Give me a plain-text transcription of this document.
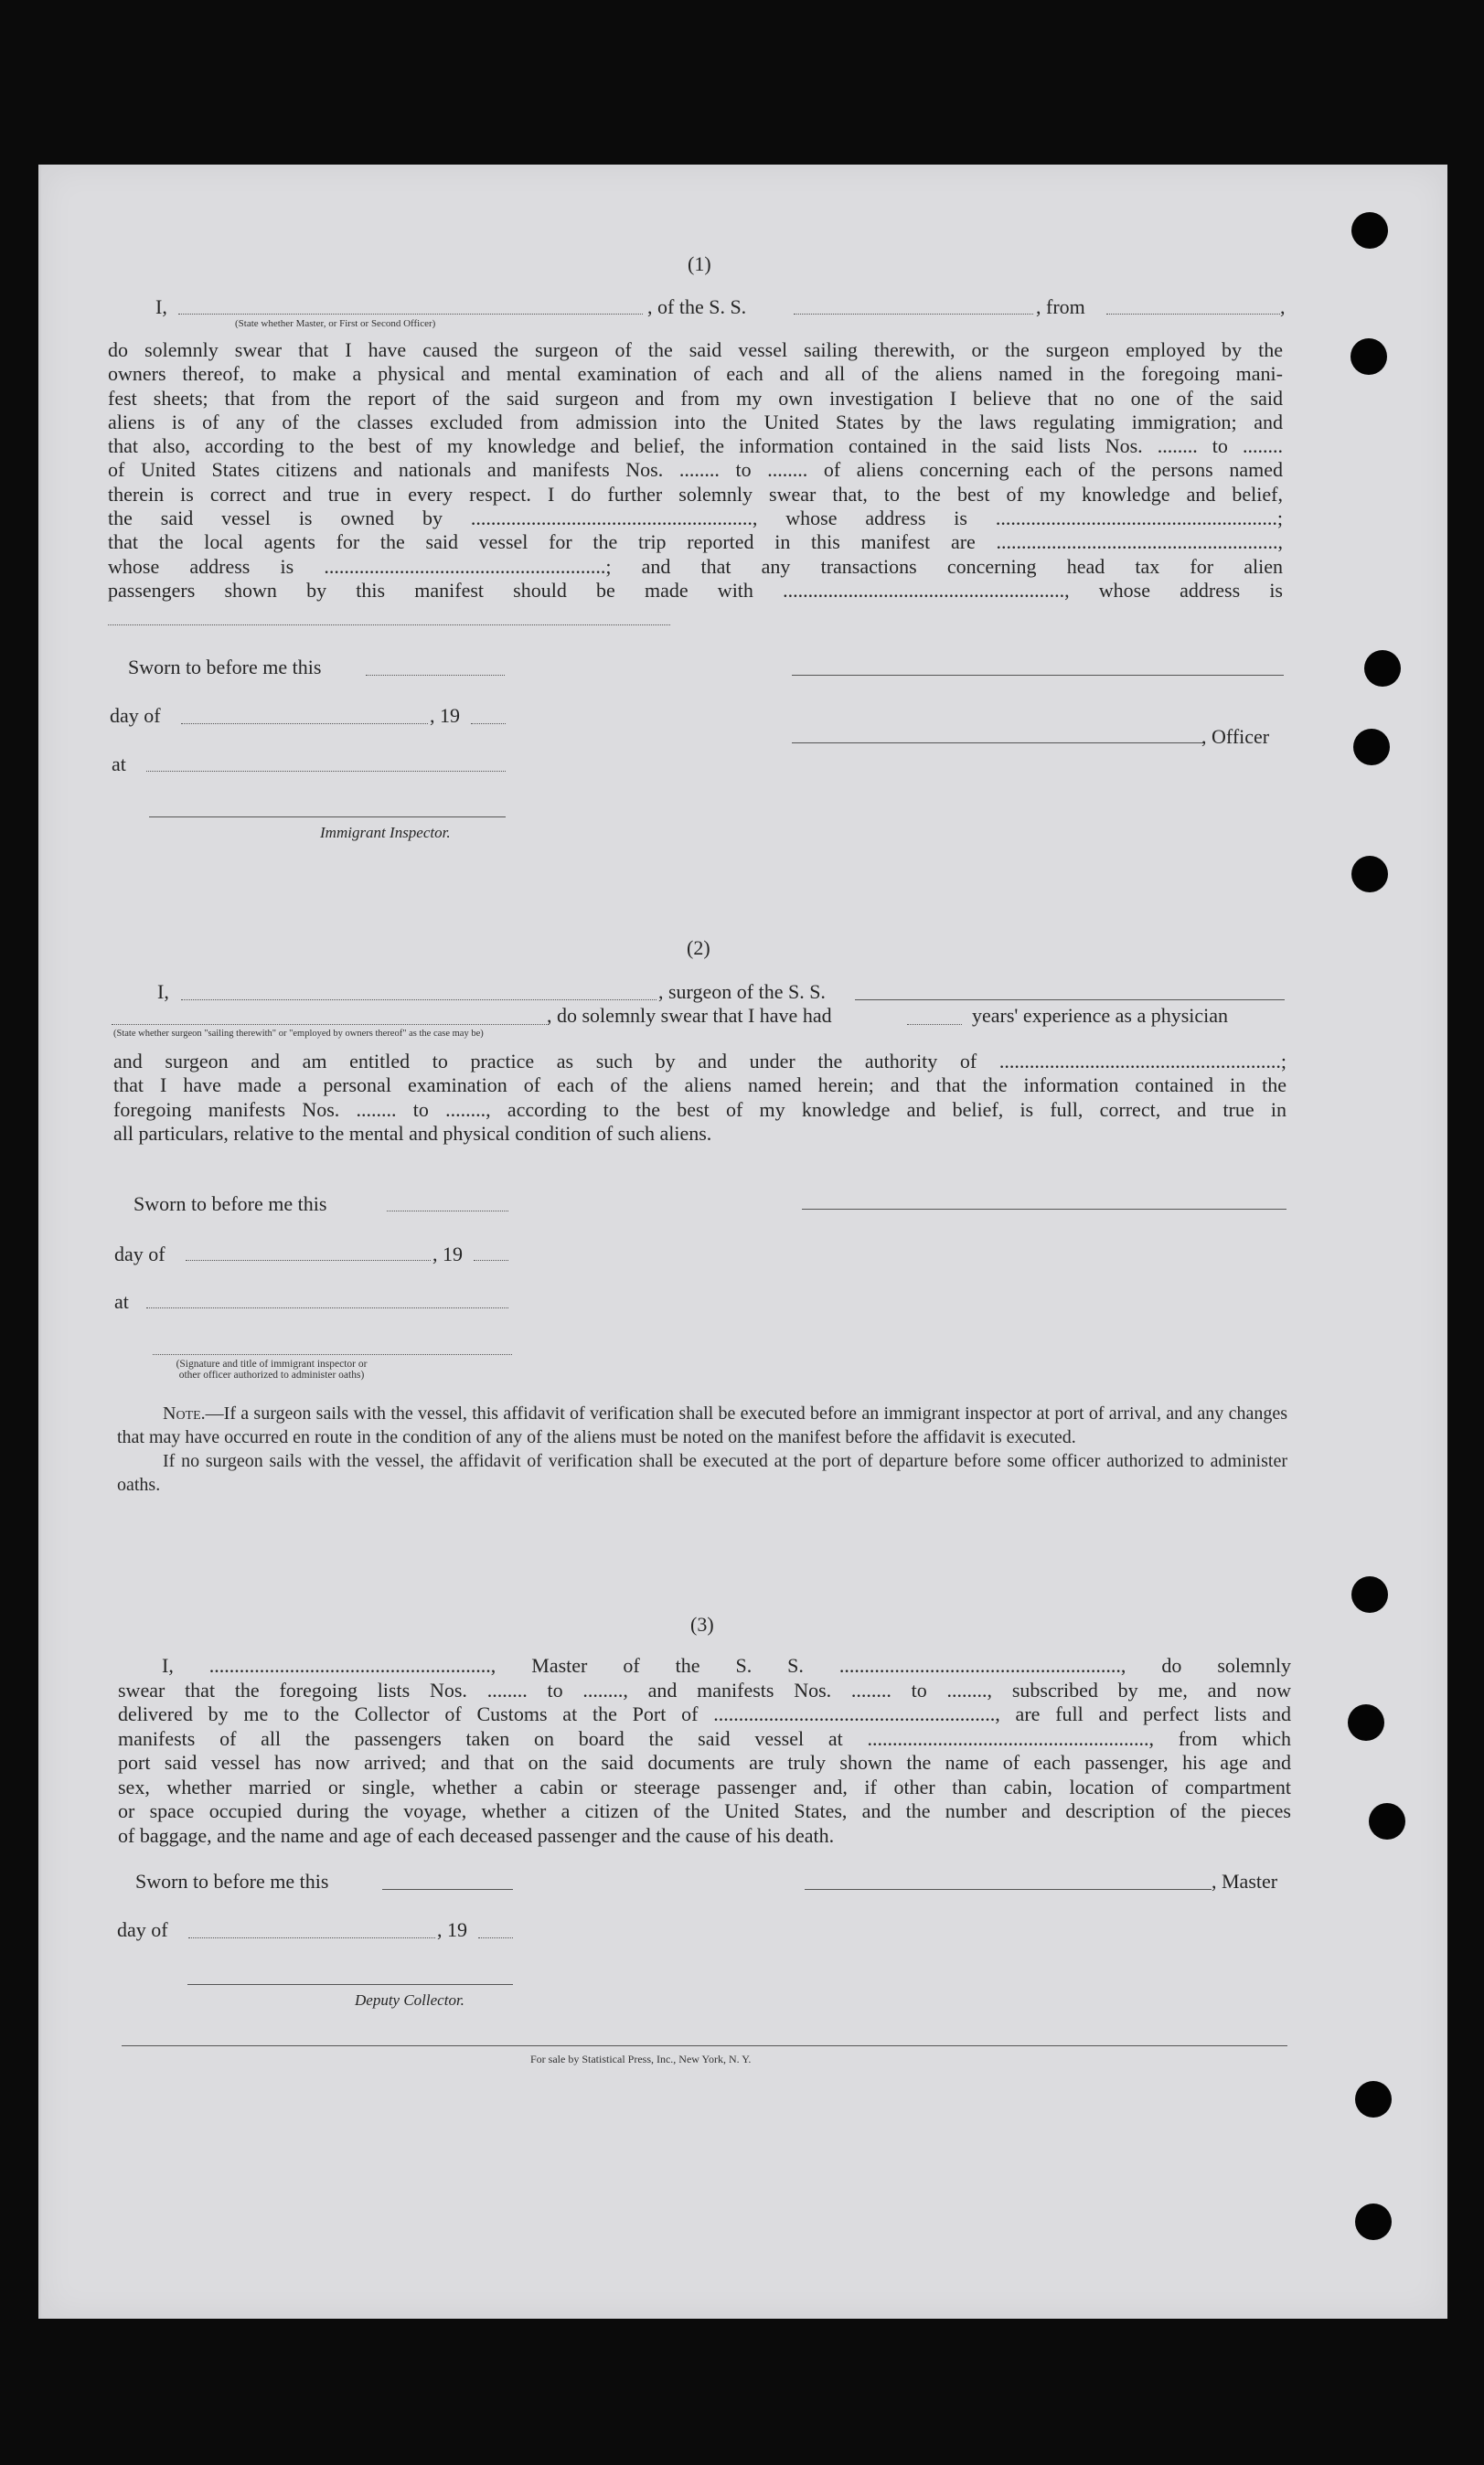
(1)
I,	, of the S. S.	, from	,
(State whether Master, or First or Second Officer)
do solemnly swear that I have caused the surgeon of the said vessel sailing therewith, or the surgeon employed by the
owners thereof, to make a physical and mental examination of each and all of the aliens named in the foregoing mani-
fest sheets; that from the report of the said surgeon and from my own investigation I believe that no one of the said
aliens is of any of the classes excluded from admission into the United States by the laws regulating immigration; and
that also, according to the best of my knowledge and belief, the information contained in the said lists Nos. ........ to ........
of United States citizens and nationals and manifests Nos. ........ to ........ of aliens concerning each of the persons named
therein is correct and true in every respect. I do further solemnly swear that, to the best of my knowledge and belief,
the said vessel is owned by ........................................................, whose address is ........................................................;
that the local agents for the said vessel for the trip reported in this manifest are ........................................................,
whose address is ........................................................; and that any transactions concerning head tax for alien
passengers shown by this manifest should be made with ........................................................, whose address is
Sworn to before me this
day of	, 19
, Officer
at
Immigrant Inspector.
(2)
I,	, surgeon of the S. S.
, do solemnly swear that I have had	years' experience as a physician
(State whether surgeon "sailing therewith" or "employed by owners thereof" as the case may be)
and surgeon and am entitled to practice as such by and under the authority of ........................................................;
that I have made a personal examination of each of the aliens named herein; and that the information contained in the
foregoing manifests Nos. ........ to ........, according to the best of my knowledge and belief, is full, correct, and true in
all particulars, relative to the mental and physical condition of such aliens.
Sworn to before me this
day of	, 19
at
(Signature and title of immigrant inspector or
other officer authorized to administer oaths)
Note.—If a surgeon sails with the vessel, this affidavit of verification shall be executed before an immigrant inspector at port of arrival, and any changes that may have occurred en route in the condition of any of the aliens must be noted on the manifest before the affidavit is executed.
If no surgeon sails with the vessel, the affidavit of verification shall be executed at the port of departure before some officer authorized to administer oaths.
(3)
I, ........................................................, Master of the S. S. ........................................................, do solemnly
swear that the foregoing lists Nos. ........ to ........, and manifests Nos. ........ to ........, subscribed by me, and now
delivered by me to the Collector of Customs at the Port of ........................................................, are full and perfect lists and
manifests of all the passengers taken on board the said vessel at ........................................................, from which
port said vessel has now arrived; and that on the said documents are truly shown the name of each passenger, his age and
sex, whether married or single, whether a cabin or steerage passenger and, if other than cabin, location of compartment
or space occupied during the voyage, whether a citizen of the United States, and the number and description of the pieces
of baggage, and the name and age of each deceased passenger and the cause of his death.
Sworn to before me this	, Master
day of	, 19
Deputy Collector.
For sale by Statistical Press, Inc., New York, N. Y.
